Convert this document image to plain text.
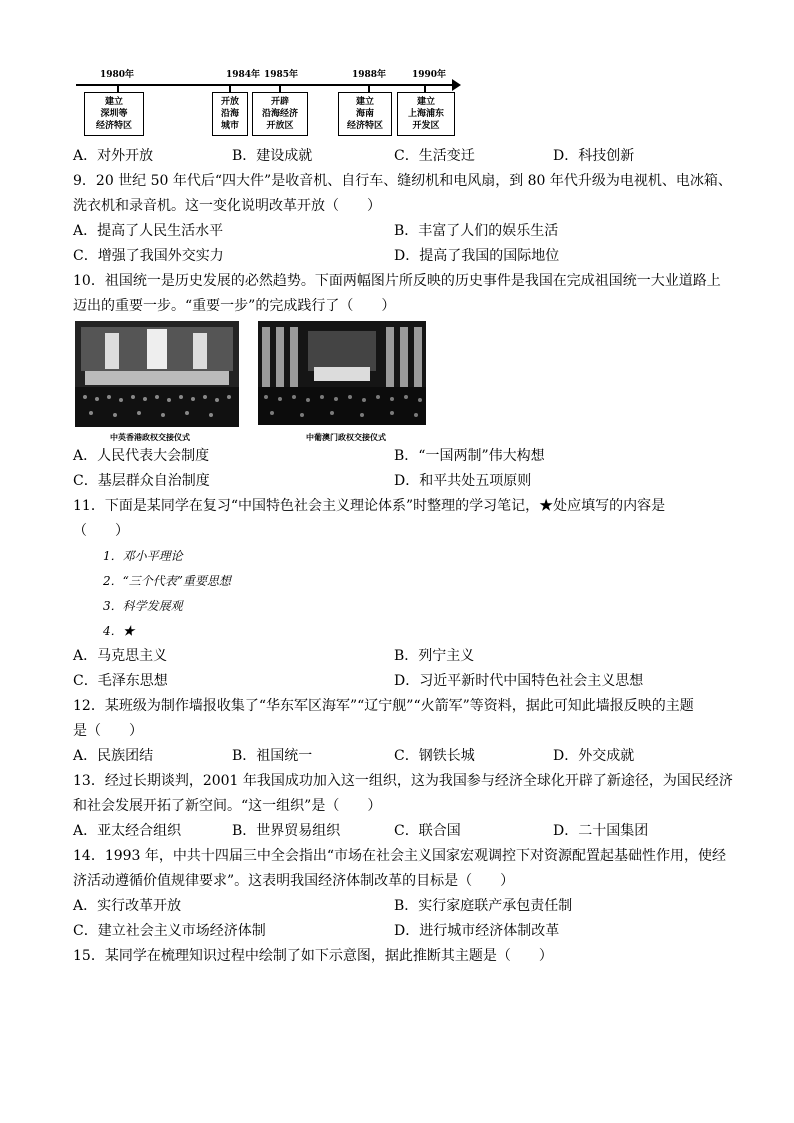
1980年	1984年 1985年	1988年	1990年
建立
深圳等
经济特区
开放
沿海
城市
开辟
沿海经济
开放区
建立
海南
经济特区
建立
上海浦东
开发区
A．对外开放	B．建设成就	C．生活变迁	D．科技创新
9．20 世纪 50 年代后“四大件”是收音机、自行车、缝纫机和电风扇，到 80 年代升级为电视机、电冰箱、
洗衣机和录音机。这一变化说明改革开放（　　）
A．提高了人民生活水平	B．丰富了人们的娱乐生活
C．增强了我国外交实力	D．提高了我国的国际地位
10．祖国统一是历史发展的必然趋势。下面两幅图片所反映的历史事件是我国在完成祖国统一大业道路上
迈出的重要一步。“重要一步”的完成践行了（　　）
中英香港政权交接仪式	中葡澳门政权交接仪式
A．人民代表大会制度	B．“一国两制”伟大构想
C．基层群众自治制度	D．和平共处五项原则
11．下面是某同学在复习“中国特色社会主义理论体系”时整理的学习笔记，★处应填写的内容是
（　　）
1．邓小平理论
2．“三个代表”重要思想
3．科学发展观
4．★
A．马克思主义	B．列宁主义
C．毛泽东思想	D．习近平新时代中国特色社会主义思想
12．某班级为制作墙报收集了“华东军区海军”“辽宁舰”“火箭军”等资料，据此可知此墙报反映的主题
是（　　）
A．民族团结	B．祖国统一	C．钢铁长城	D．外交成就
13．经过长期谈判，2001 年我国成功加入这一组织，这为我国参与经济全球化开辟了新途径，为国民经济
和社会发展开拓了新空间。“这一组织”是（　　）
A．亚太经合组织	B．世界贸易组织	C．联合国	D．二十国集团
14．1993 年，中共十四届三中全会指出“市场在社会主义国家宏观调控下对资源配置起基础性作用，使经
济活动遵循价值规律要求”。这表明我国经济体制改革的目标是（　　）
A．实行改革开放	B．实行家庭联产承包责任制
C．建立社会主义市场经济体制	D．进行城市经济体制改革
15．某同学在梳理知识过程中绘制了如下示意图，据此推断其主题是（　　）
